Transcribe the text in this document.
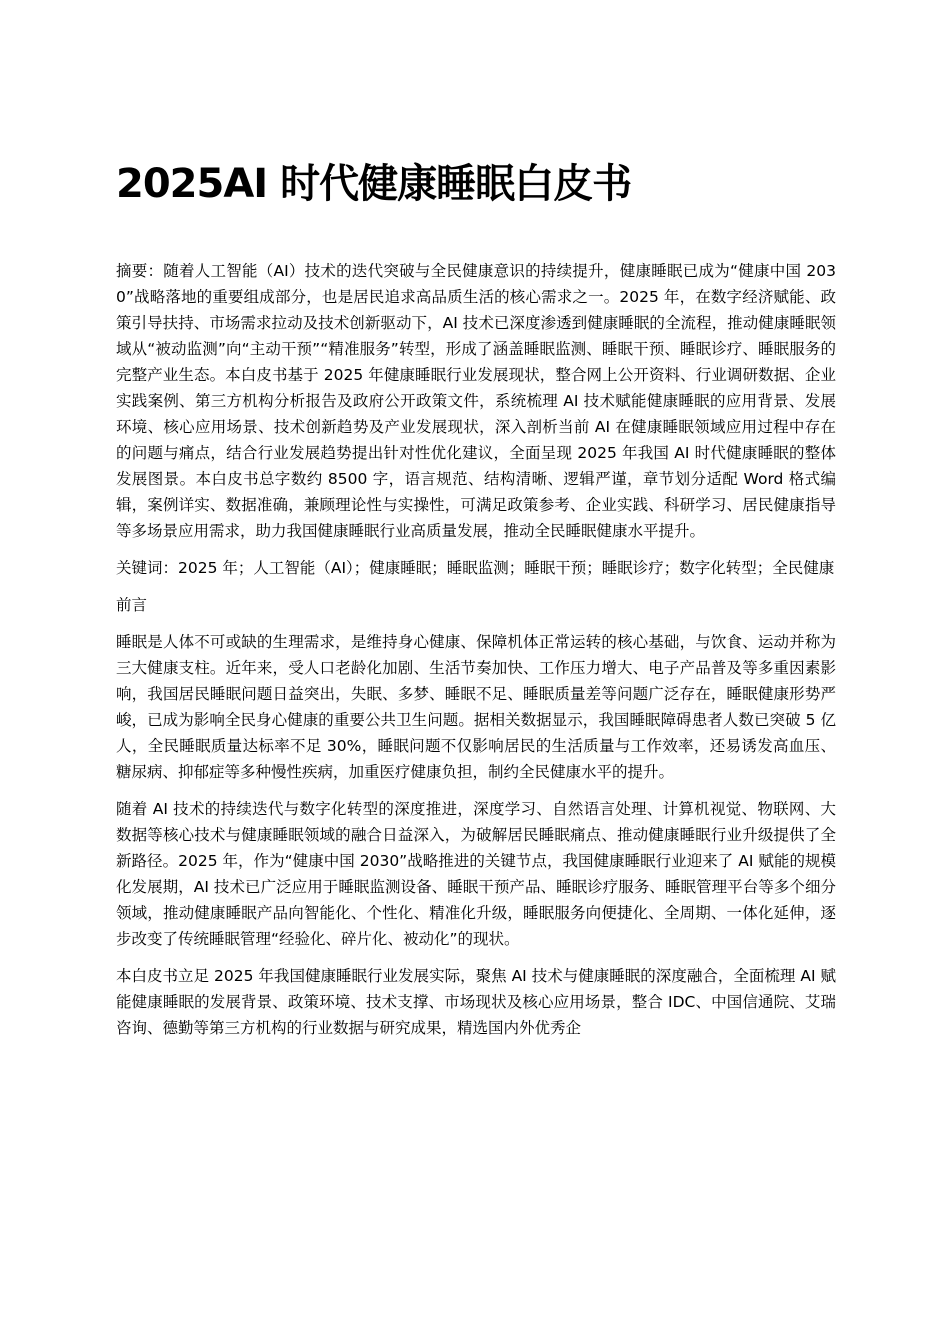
2025AI 时代健康睡眠白皮书

摘要：随着人工智能（AI）技术的迭代突破与全民健康意识的持续提升，健康睡眠已成为“健康中国 2030”战略落地的重要组成部分，也是居民追求高品质生活的核心需求之一。2025 年，在数字经济赋能、政策引导扶持、市场需求拉动及技术创新驱动下，AI 技术已深度渗透到健康睡眠的全流程，推动健康睡眠领域从“被动监测”向“主动干预”“精准服务”转型，形成了涵盖睡眠监测、睡眠干预、睡眠诊疗、睡眠服务的完整产业生态。本白皮书基于 2025 年健康睡眠行业发展现状，整合网上公开资料、行业调研数据、企业实践案例、第三方机构分析报告及政府公开政策文件，系统梳理 AI 技术赋能健康睡眠的应用背景、发展环境、核心应用场景、技术创新趋势及产业发展现状，深入剖析当前 AI 在健康睡眠领域应用过程中存在的问题与痛点，结合行业发展趋势提出针对性优化建议，全面呈现 2025 年我国 AI 时代健康睡眠的整体发展图景。本白皮书总字数约 8500 字，语言规范、结构清晰、逻辑严谨，章节划分适配 Word 格式编辑，案例详实、数据准确，兼顾理论性与实操性，可满足政策参考、企业实践、科研学习、居民健康指导等多场景应用需求，助力我国健康睡眠行业高质量发展，推动全民睡眠健康水平提升。

关键词：2025 年；人工智能（AI）；健康睡眠；睡眠监测；睡眠干预；睡眠诊疗；数字化转型；全民健康

前言

睡眠是人体不可或缺的生理需求，是维持身心健康、保障机体正常运转的核心基础，与饮食、运动并称为三大健康支柱。近年来，受人口老龄化加剧、生活节奏加快、工作压力增大、电子产品普及等多重因素影响，我国居民睡眠问题日益突出，失眠、多梦、睡眠不足、睡眠质量差等问题广泛存在，睡眠健康形势严峻，已成为影响全民身心健康的重要公共卫生问题。据相关数据显示，我国睡眠障碍患者人数已突破 5 亿人，全民睡眠质量达标率不足 30%，睡眠问题不仅影响居民的生活质量与工作效率，还易诱发高血压、糖尿病、抑郁症等多种慢性疾病，加重医疗健康负担，制约全民健康水平的提升。

随着 AI 技术的持续迭代与数字化转型的深度推进，深度学习、自然语言处理、计算机视觉、物联网、大数据等核心技术与健康睡眠领域的融合日益深入，为破解居民睡眠痛点、推动健康睡眠行业升级提供了全新路径。2025 年，作为“健康中国 2030”战略推进的关键节点，我国健康睡眠行业迎来了 AI 赋能的规模化发展期，AI 技术已广泛应用于睡眠监测设备、睡眠干预产品、睡眠诊疗服务、睡眠管理平台等多个细分领域，推动健康睡眠产品向智能化、个性化、精准化升级，睡眠服务向便捷化、全周期、一体化延伸，逐步改变了传统睡眠管理“经验化、碎片化、被动化”的现状。

本白皮书立足 2025 年我国健康睡眠行业发展实际，聚焦 AI 技术与健康睡眠的深度融合，全面梳理 AI 赋能健康睡眠的发展背景、政策环境、技术支撑、市场现状及核心应用场景，整合 IDC、中国信通院、艾瑞咨询、德勤等第三方机构的行业数据与研究成果，精选国内外优秀企
